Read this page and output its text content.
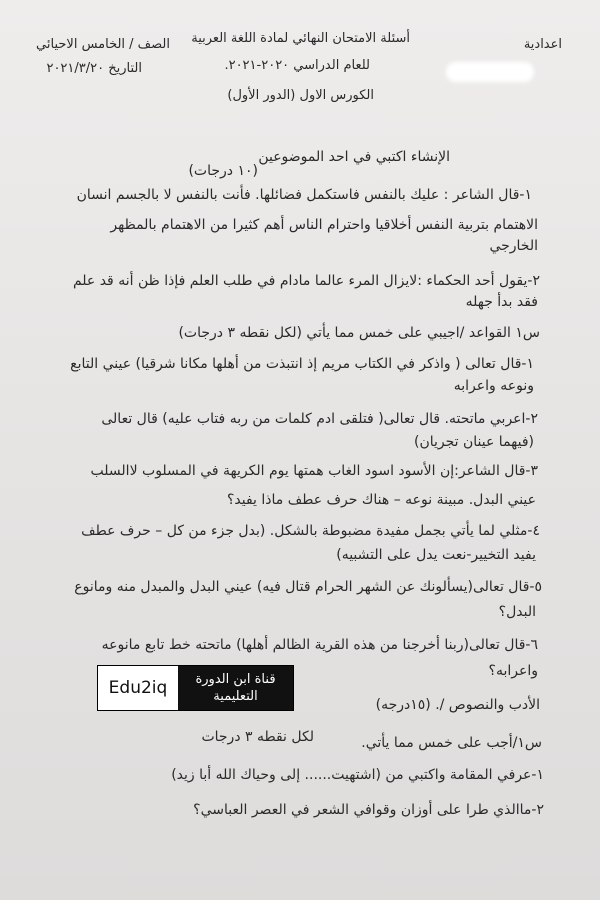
اعدادية
أسئلة الامتحان النهائي لمادة اللغة العربية
للعام الدراسي ٢٠٢٠-٢٠٢١.
الكورس الاول (الدور الأول)
الصف / الخامس الاحيائي
التاريخ ٢٠٢١/٣/٢٠
الإنشاء اكتبي في احد الموضوعين
(١٠ درجات)
١-قال الشاعر : عليك بالنفس فاستكمل فضائلها. فأنت بالنفس لا بالجسم انسان
الاهتمام بتربية النفس أخلاقيا واحترام الناس أهم كثيرا من الاهتمام بالمظهر
الخارجي
٢-يقول أحد الحكماء :لايزال المرء عالما مادام في طلب العلم فإذا ظن أنه قد علم
فقد بدأ جهله
س١ القواعد /اجيبي على خمس مما يأتي (لكل نقطه ٣ درجات)
١-قال تعالى ( واذكر في الكتاب مريم إذ انتبذت من أهلها مكانا شرقيا) عيني التابع
ونوعه واعرابه
٢-اعربي ماتحته. قال تعالى( فتلقى ادم كلمات من ربه فتاب عليه) قال تعالى
(فيهما عينان تجريان)
٣-قال الشاعر:إن الأسود اسود الغاب همتها يوم الكريهة في المسلوب لاالسلب
عيني البدل. مبينة نوعه – هناك حرف عطف ماذا يفيد؟
٤-مثلي لما يأتي بجمل مفيدة مضبوطة بالشكل. (بدل جزء من كل – حرف عطف
يفيد التخيير-نعت يدل على التشبيه)
٥-قال تعالى(يسألونك عن الشهر الحرام قتال فيه) عيني البدل والمبدل منه ومانوع
البدل؟
٦-قال تعالى(ربنا أخرجنا من هذه القرية الظالم أهلها) ماتحته خط تابع مانوعه
واعرابه؟
الأدب والنصوص /. (١٥درجه)
س١/أجب على خمس مما يأتي.
لكل نقطه ٣ درجات
١-عرفي المقامة واكتبي من (اشتهيت...... إلى وحياك الله أبا زيد)
٢-ماالذي طرا على أوزان وقوافي الشعر في العصر العباسي؟
Edu2iq	قناة ابن الدورة
التعليمية
